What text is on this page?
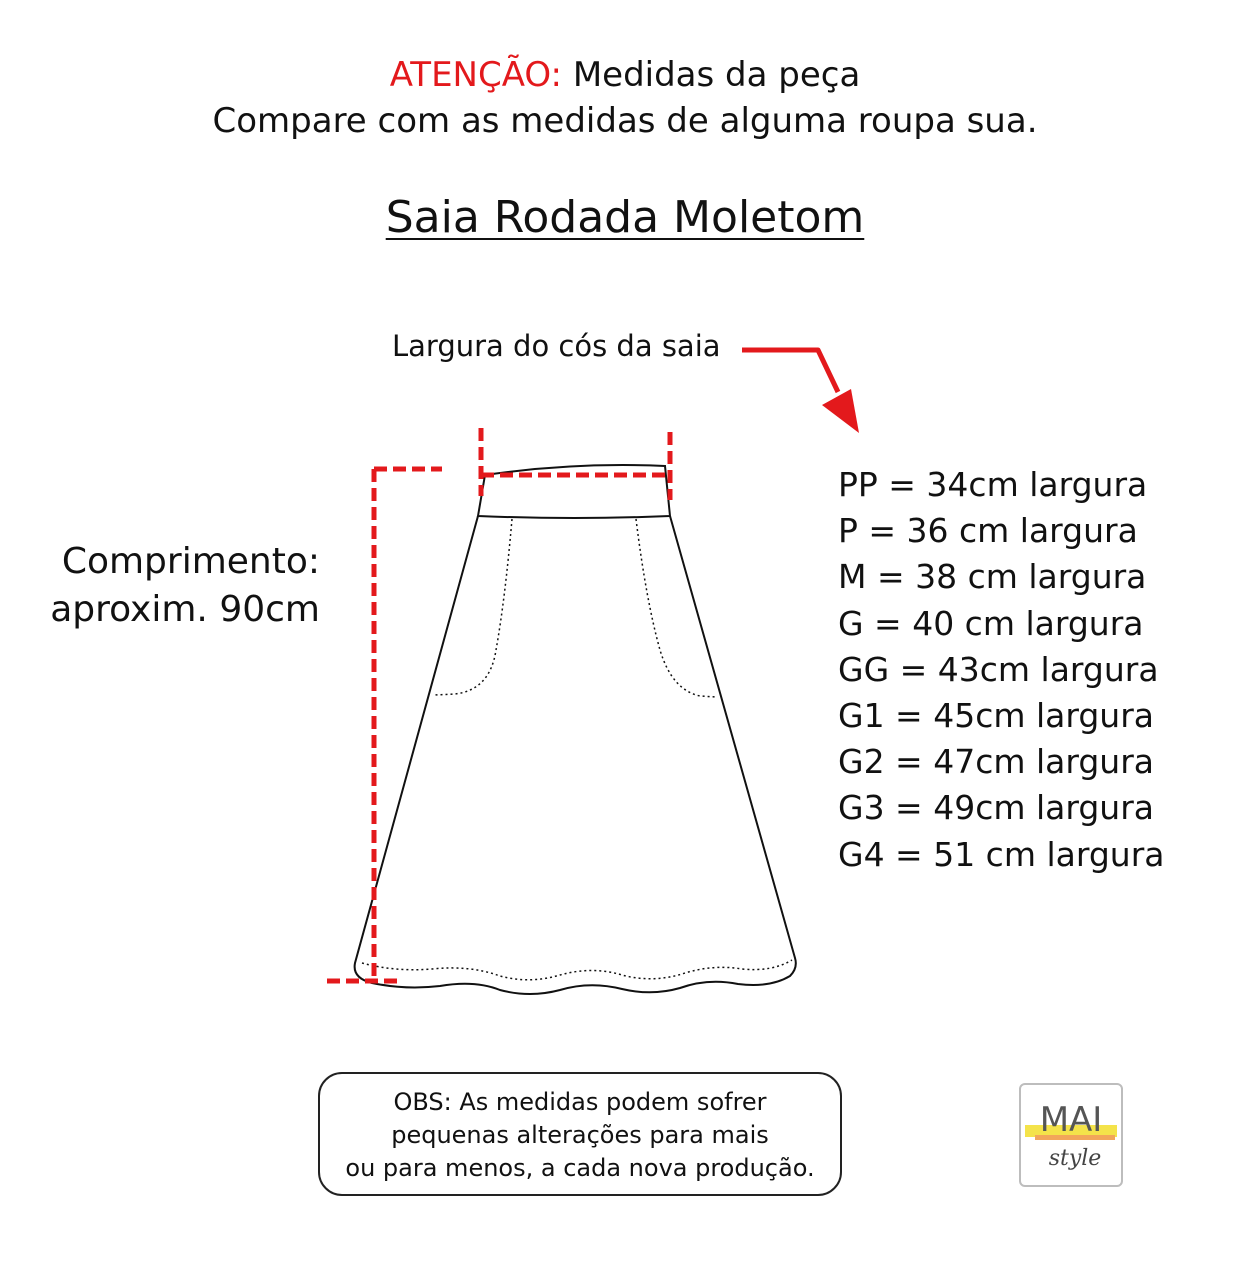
ATENÇÃO: Medidas da peça
Compare com as medidas de alguma roupa sua.
Saia Rodada Moletom
Largura do cós da saia
Comprimento:
aproxim. 90cm
PP = 34cm largura
P = 36 cm largura
M = 38 cm largura
G = 40 cm largura
GG = 43cm largura
G1 = 45cm largura
G2 = 47cm largura
G3 = 49cm largura
G4 = 51 cm largura
OBS: As medidas podem sofrer
pequenas alterações para mais
ou para menos, a cada nova produção.
MAI
style
